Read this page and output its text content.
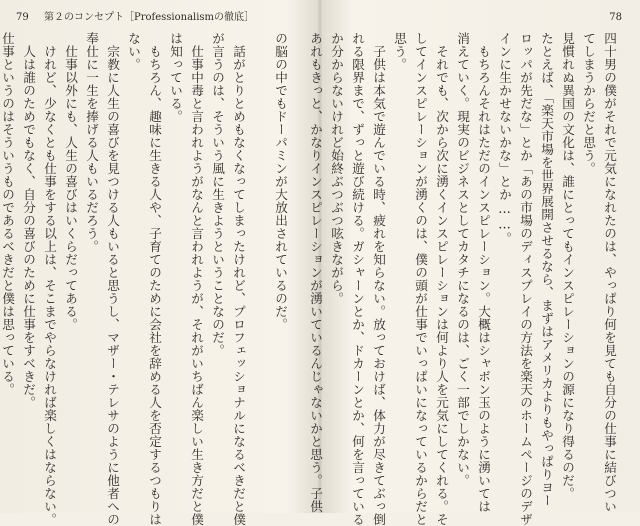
79 第２のコンセプト［Professionalismの徹底］
の脳の中でもドーパミンが大放出されているのだ。
話がとりとめもなくなってしまったけれど、プロフェッショナルになるべきだと僕
が言うのは、そういう風に生きようということなのだ。
仕事中毒と言われようがなんと言われようが、それがいちばん楽しい生き方だと僕
は知っている。
もちろん、趣味に生きる人や、子育てのために会社を辞める人を否定するつもりは
ない。
宗教に人生の喜びを見つける人もいると思うし、マザー・テレサのように他者への
奉仕に一生を捧げる人もいるだろう。
仕事以外にも、人生の喜びはいくらだってある。
けれど、少なくとも仕事をする以上は、そこまでやらなければ楽しくはならない。
人は誰のためでもなく、自分の喜びのために仕事をすべきだ。
仕事というのはそういうものであるべきだと僕は思っている。
78
四十男の僕がそれで元気になれたのは、やっぱり何を見ても自分の仕事に結びつい
てしまうからだと思う。
見慣れぬ異国の文化は、誰にとってもインスピレーションの源になり得るのだ。
たとえば、「楽天市場を世界展開させるなら、まずはアメリカよりもやっぱりヨー
ロッパが先だな」とか「あの市場のディスプレイの方法を楽天のホームページのデザ
インに生かせないかな」とか……。
もちろんそれはただのインスピレーション。大概はシャボン玉のように湧いては
消えていく。現実のビジネスとしてカタチになるのは、ごく一部でしかない。
それでも、次から次に湧くインスピレーションは何より人を元気にしてくれる。そ
してインスピレーションが湧くのは、僕の頭が仕事でいっぱいになっているからだと
思う。
子供は本気で遊んでいる時、疲れを知らない。放っておけば、体力が尽きてぶっ倒
れる限界まで、ずっと遊び続ける。ガシャーンとか、ドカーンとか、何を言っている
か分からないけれど始終ぶつぶつ呟きながら。
あれもきっと、かなりインスピレーションが湧いているんじゃないかと思う。子供
